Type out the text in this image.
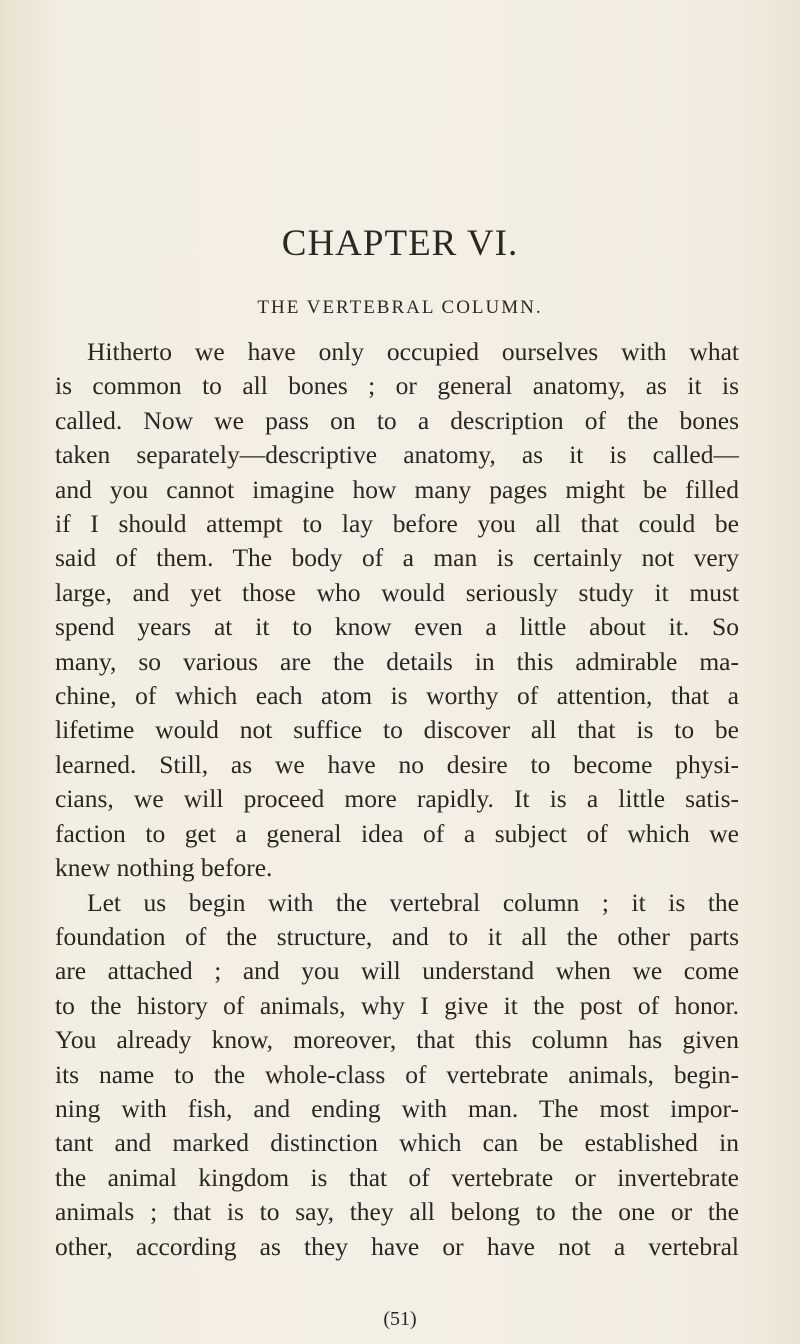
CHAPTER VI.
THE VERTEBRAL COLUMN.
Hitherto we have only occupied ourselves with what
is common to all bones ; or general anatomy, as it is
called. Now we pass on to a description of the bones
taken separately—descriptive anatomy, as it is called—
and you cannot imagine how many pages might be filled
if I should attempt to lay before you all that could be
said of them. The body of a man is certainly not very
large, and yet those who would seriously study it must
spend years at it to know even a little about it. So
many, so various are the details in this admirable ma-
chine, of which each atom is worthy of attention, that a
lifetime would not suffice to discover all that is to be
learned. Still, as we have no desire to become physi-
cians, we will proceed more rapidly. It is a little satis-
faction to get a general idea of a subject of which we
knew nothing before.
Let us begin with the vertebral column ; it is the
foundation of the structure, and to it all the other parts
are attached ; and you will understand when we come
to the history of animals, why I give it the post of honor.
You already know, moreover, that this column has given
its name to the whole-class of vertebrate animals, begin-
ning with fish, and ending with man. The most impor-
tant and marked distinction which can be established in
the animal kingdom is that of vertebrate or invertebrate
animals ; that is to say, they all belong to the one or the
other, according as they have or have not a vertebral
(51)
